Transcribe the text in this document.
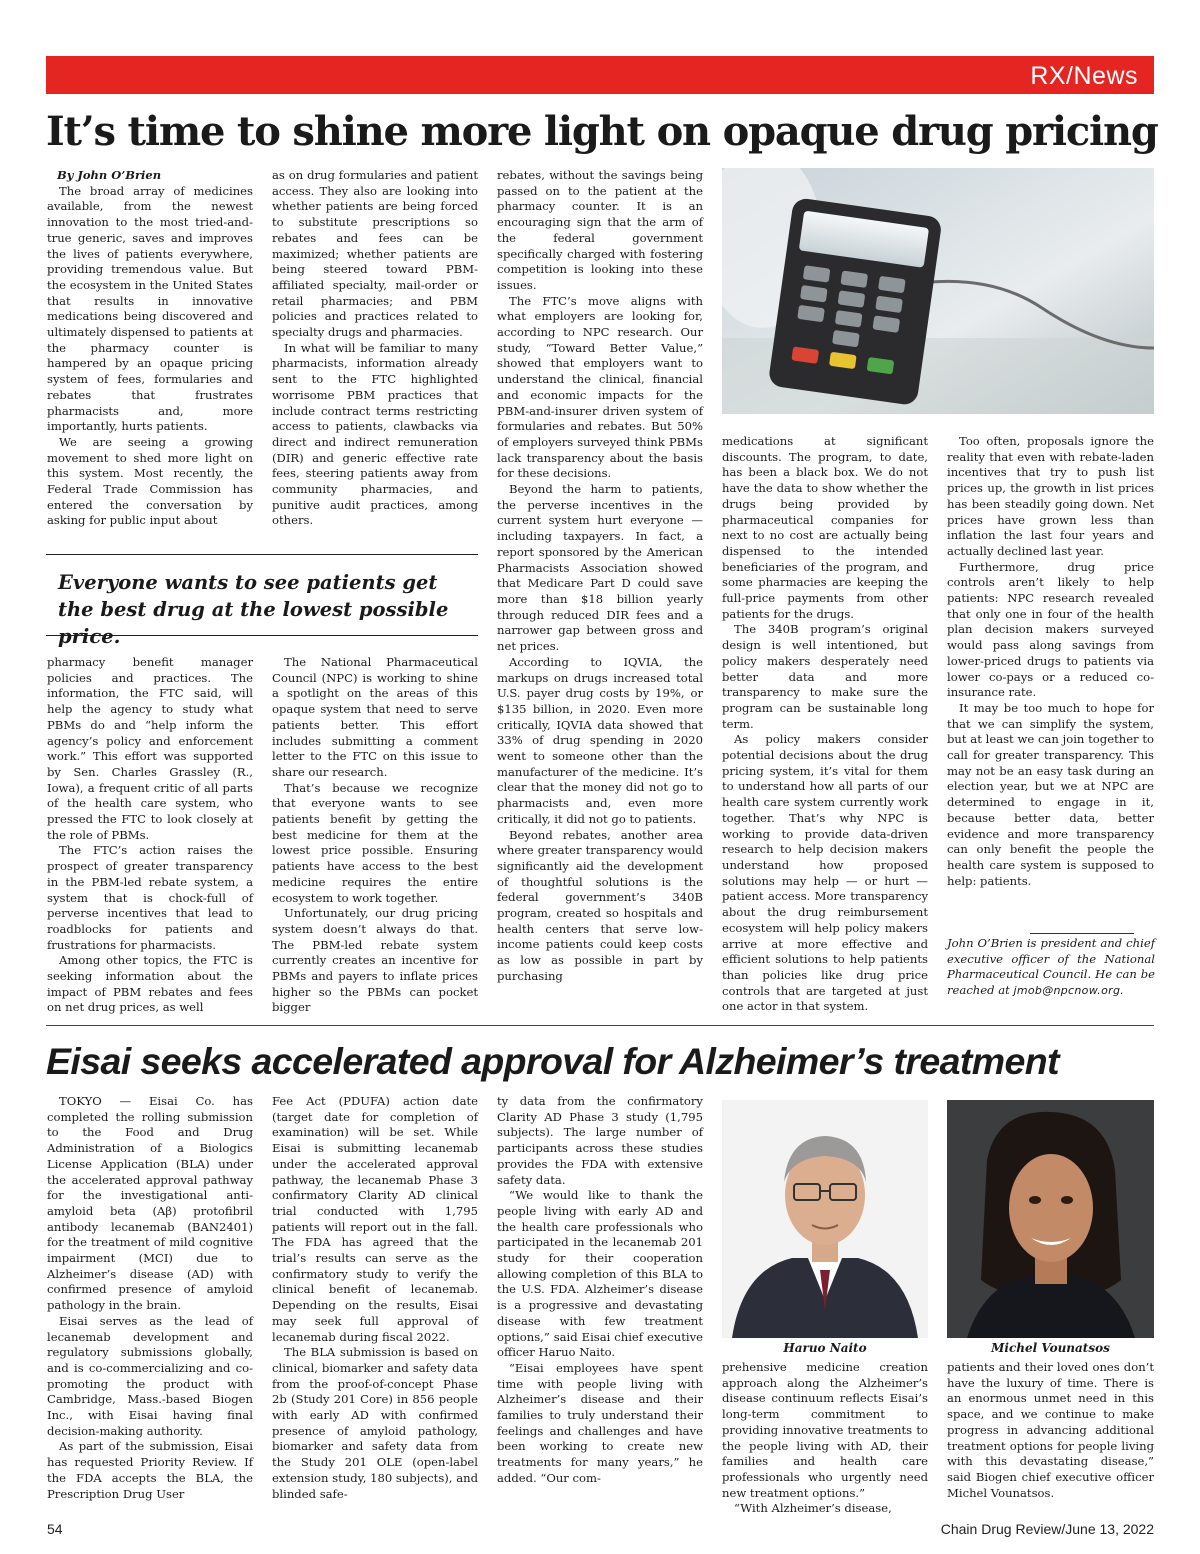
RX/News
It’s time to shine more light on opaque drug pricing

By John O’Brien

The broad array of medicines available, from the newest innovation to the most tried-and-true generic, saves and improves the lives of patients everywhere, providing tremendous value. But the ecosystem in the United States that results in innovative medications being discovered and ultimately dispensed to patients at the pharmacy counter is hampered by an opaque pricing system of fees, formularies and rebates that frustrates pharmacists and, more importantly, hurts patients.

We are seeing a growing movement to shed more light on this system. Most recently, the Federal Trade Commission has entered the conversation by asking for public input about

as on drug formularies and patient access. They also are looking into whether patients are being forced to substitute prescriptions so rebates and fees can be maximized; whether patients are being steered toward PBM-affiliated specialty, mail-order or retail pharmacies; and PBM policies and practices related to specialty drugs and pharmacies.

In what will be familiar to many pharmacists, information already sent to the FTC highlighted worrisome PBM practices that include contract terms restricting access to patients, clawbacks via direct and indirect remuneration (DIR) and generic effective rate fees, steering patients away from community pharmacies, and punitive audit practices, among others.

Everyone wants to see patients get the best drug at the lowest possible price.

pharmacy benefit manager policies and practices. The information, the FTC said, will help the agency to study what PBMs do and “help inform the agency’s policy and enforcement work.” This effort was supported by Sen. Charles Grassley (R., Iowa), a frequent critic of all parts of the health care system, who pressed the FTC to look closely at the role of PBMs.

The FTC’s action raises the prospect of greater transparency in the PBM-led rebate system, a system that is chock-full of perverse incentives that lead to roadblocks for patients and frustrations for pharmacists.

Among other topics, the FTC is seeking information about the impact of PBM rebates and fees on net drug prices, as well

The National Pharmaceutical Council (NPC) is working to shine a spotlight on the areas of this opaque system that need to serve patients better. This effort includes submitting a comment letter to the FTC on this issue to share our research.

That’s because we recognize that everyone wants to see patients benefit by getting the best medicine for them at the lowest price possible. Ensuring patients have access to the best medicine requires the entire ecosystem to work together.

Unfortunately, our drug pricing system doesn’t always do that. The PBM-led rebate system currently creates an incentive for PBMs and payers to inflate prices higher so the PBMs can pocket bigger

rebates, without the savings being passed on to the patient at the pharmacy counter. It is an encouraging sign that the arm of the federal government specifically charged with fostering competition is looking into these issues.

The FTC’s move aligns with what employers are looking for, according to NPC research. Our study, “Toward Better Value,” showed that employers want to understand the clinical, financial and economic impacts for the PBM-and-insurer driven system of formularies and rebates. But 50% of employers surveyed think PBMs lack transparency about the basis for these decisions.

Beyond the harm to patients, the perverse incentives in the current system hurt everyone — including taxpayers. In fact, a report sponsored by the American Pharmacists Association showed that Medicare Part D could save more than $18 billion yearly through reduced DIR fees and a narrower gap between gross and net prices.

According to IQVIA, the markups on drugs increased total U.S. payer drug costs by 19%, or $135 billion, in 2020. Even more critically, IQVIA data showed that 33% of drug spending in 2020 went to someone other than the manufacturer of the medicine. It’s clear that the money did not go to pharmacists and, even more critically, it did not go to patients.

Beyond rebates, another area where greater transparency would significantly aid the development of thoughtful solutions is the federal government’s 340B program, created so hospitals and health centers that serve low-income patients could keep costs as low as possible in part by purchasing

medications at significant discounts. The program, to date, has been a black box. We do not have the data to show whether the drugs being provided by pharmaceutical companies for next to no cost are actually being dispensed to the intended beneficiaries of the program, and some pharmacies are keeping the full-price payments from other patients for the drugs.

The 340B program’s original design is well intentioned, but policy makers desperately need better data and more transparency to make sure the program can be sustainable long term.

As policy makers consider potential decisions about the drug pricing system, it’s vital for them to understand how all parts of our health care system currently work together. That’s why NPC is working to provide data-driven research to help decision makers understand how proposed solutions may help — or hurt — patient access. More transparency about the drug reimbursement ecosystem will help policy makers arrive at more effective and efficient solutions to help patients than policies like drug price controls that are targeted at just one actor in that system.

Too often, proposals ignore the reality that even with rebate-laden incentives that try to push list prices up, the growth in list prices has been steadily going down. Net prices have grown less than inflation the last four years and actually declined last year.

Furthermore, drug price controls aren’t likely to help patients: NPC research revealed that only one in four of the health plan decision makers surveyed would pass along savings from lower-priced drugs to patients via lower co-pays or a reduced co-insurance rate.

It may be too much to hope for that we can simplify the system, but at least we can join together to call for greater transparency. This may not be an easy task during an election year, but we at NPC are determined to engage in it, because better data, better evidence and more transparency can only benefit the people the health care system is supposed to help: patients.

John O’Brien is president and chief executive officer of the National Pharmaceutical Council. He can be reached at jmob@npcnow.org.
Eisai seeks accelerated approval for Alzheimer’s treatment

TOKYO — Eisai Co. has completed the rolling submission to the Food and Drug Administration of a Biologics License Application (BLA) under the accelerated approval pathway for the investigational anti-amyloid beta (Aβ) protofibril antibody lecanemab (BAN2401) for the treatment of mild cognitive impairment (MCI) due to Alzheimer’s disease (AD) with confirmed presence of amyloid pathology in the brain.

Eisai serves as the lead of lecanemab development and regulatory submissions globally, and is co-commercializing and co-promoting the product with Cambridge, Mass.-based Biogen Inc., with Eisai having final decision-making authority.

As part of the submission, Eisai has requested Priority Review. If the FDA accepts the BLA, the Prescription Drug User

Fee Act (PDUFA) action date (target date for completion of examination) will be set. While Eisai is submitting lecanemab under the accelerated approval pathway, the lecanemab Phase 3 confirmatory Clarity AD clinical trial conducted with 1,795 patients will report out in the fall. The FDA has agreed that the trial’s results can serve as the confirmatory study to verify the clinical benefit of lecanemab. Depending on the results, Eisai may seek full approval of lecanemab during fiscal 2022.

The BLA submission is based on clinical, biomarker and safety data from the proof-of-concept Phase 2b (Study 201 Core) in 856 people with early AD with confirmed presence of amyloid pathology, biomarker and safety data from the Study 201 OLE (open-label extension study, 180 subjects), and blinded safe-

ty data from the confirmatory Clarity AD Phase 3 study (1,795 subjects). The large number of participants across these studies provides the FDA with extensive safety data.

“We would like to thank the people living with early AD and the health care professionals who participated in the lecanemab 201 study for their cooperation allowing completion of this BLA to the U.S. FDA. Alzheimer’s disease is a progressive and devastating disease with few treatment options,” said Eisai chief executive officer Haruo Naito.

“Eisai employees have spent time with people living with Alzheimer’s disease and their families to truly understand their feelings and challenges and have been working to create new treatments for many years,” he added. “Our com-

Haruo Naito	Michel Vounatsos

prehensive medicine creation approach along the Alzheimer’s disease continuum reflects Eisai’s long-term commitment to providing innovative treatments to the people living with AD, their families and health care professionals who urgently need new treatment options.”

“With Alzheimer’s disease,

patients and their loved ones don’t have the luxury of time. There is an enormous unmet need in this space, and we continue to make progress in advancing additional treatment options for people living with this devastating disease,” said Biogen chief executive officer Michel Vounatsos.

54	Chain Drug Review/June 13, 2022
